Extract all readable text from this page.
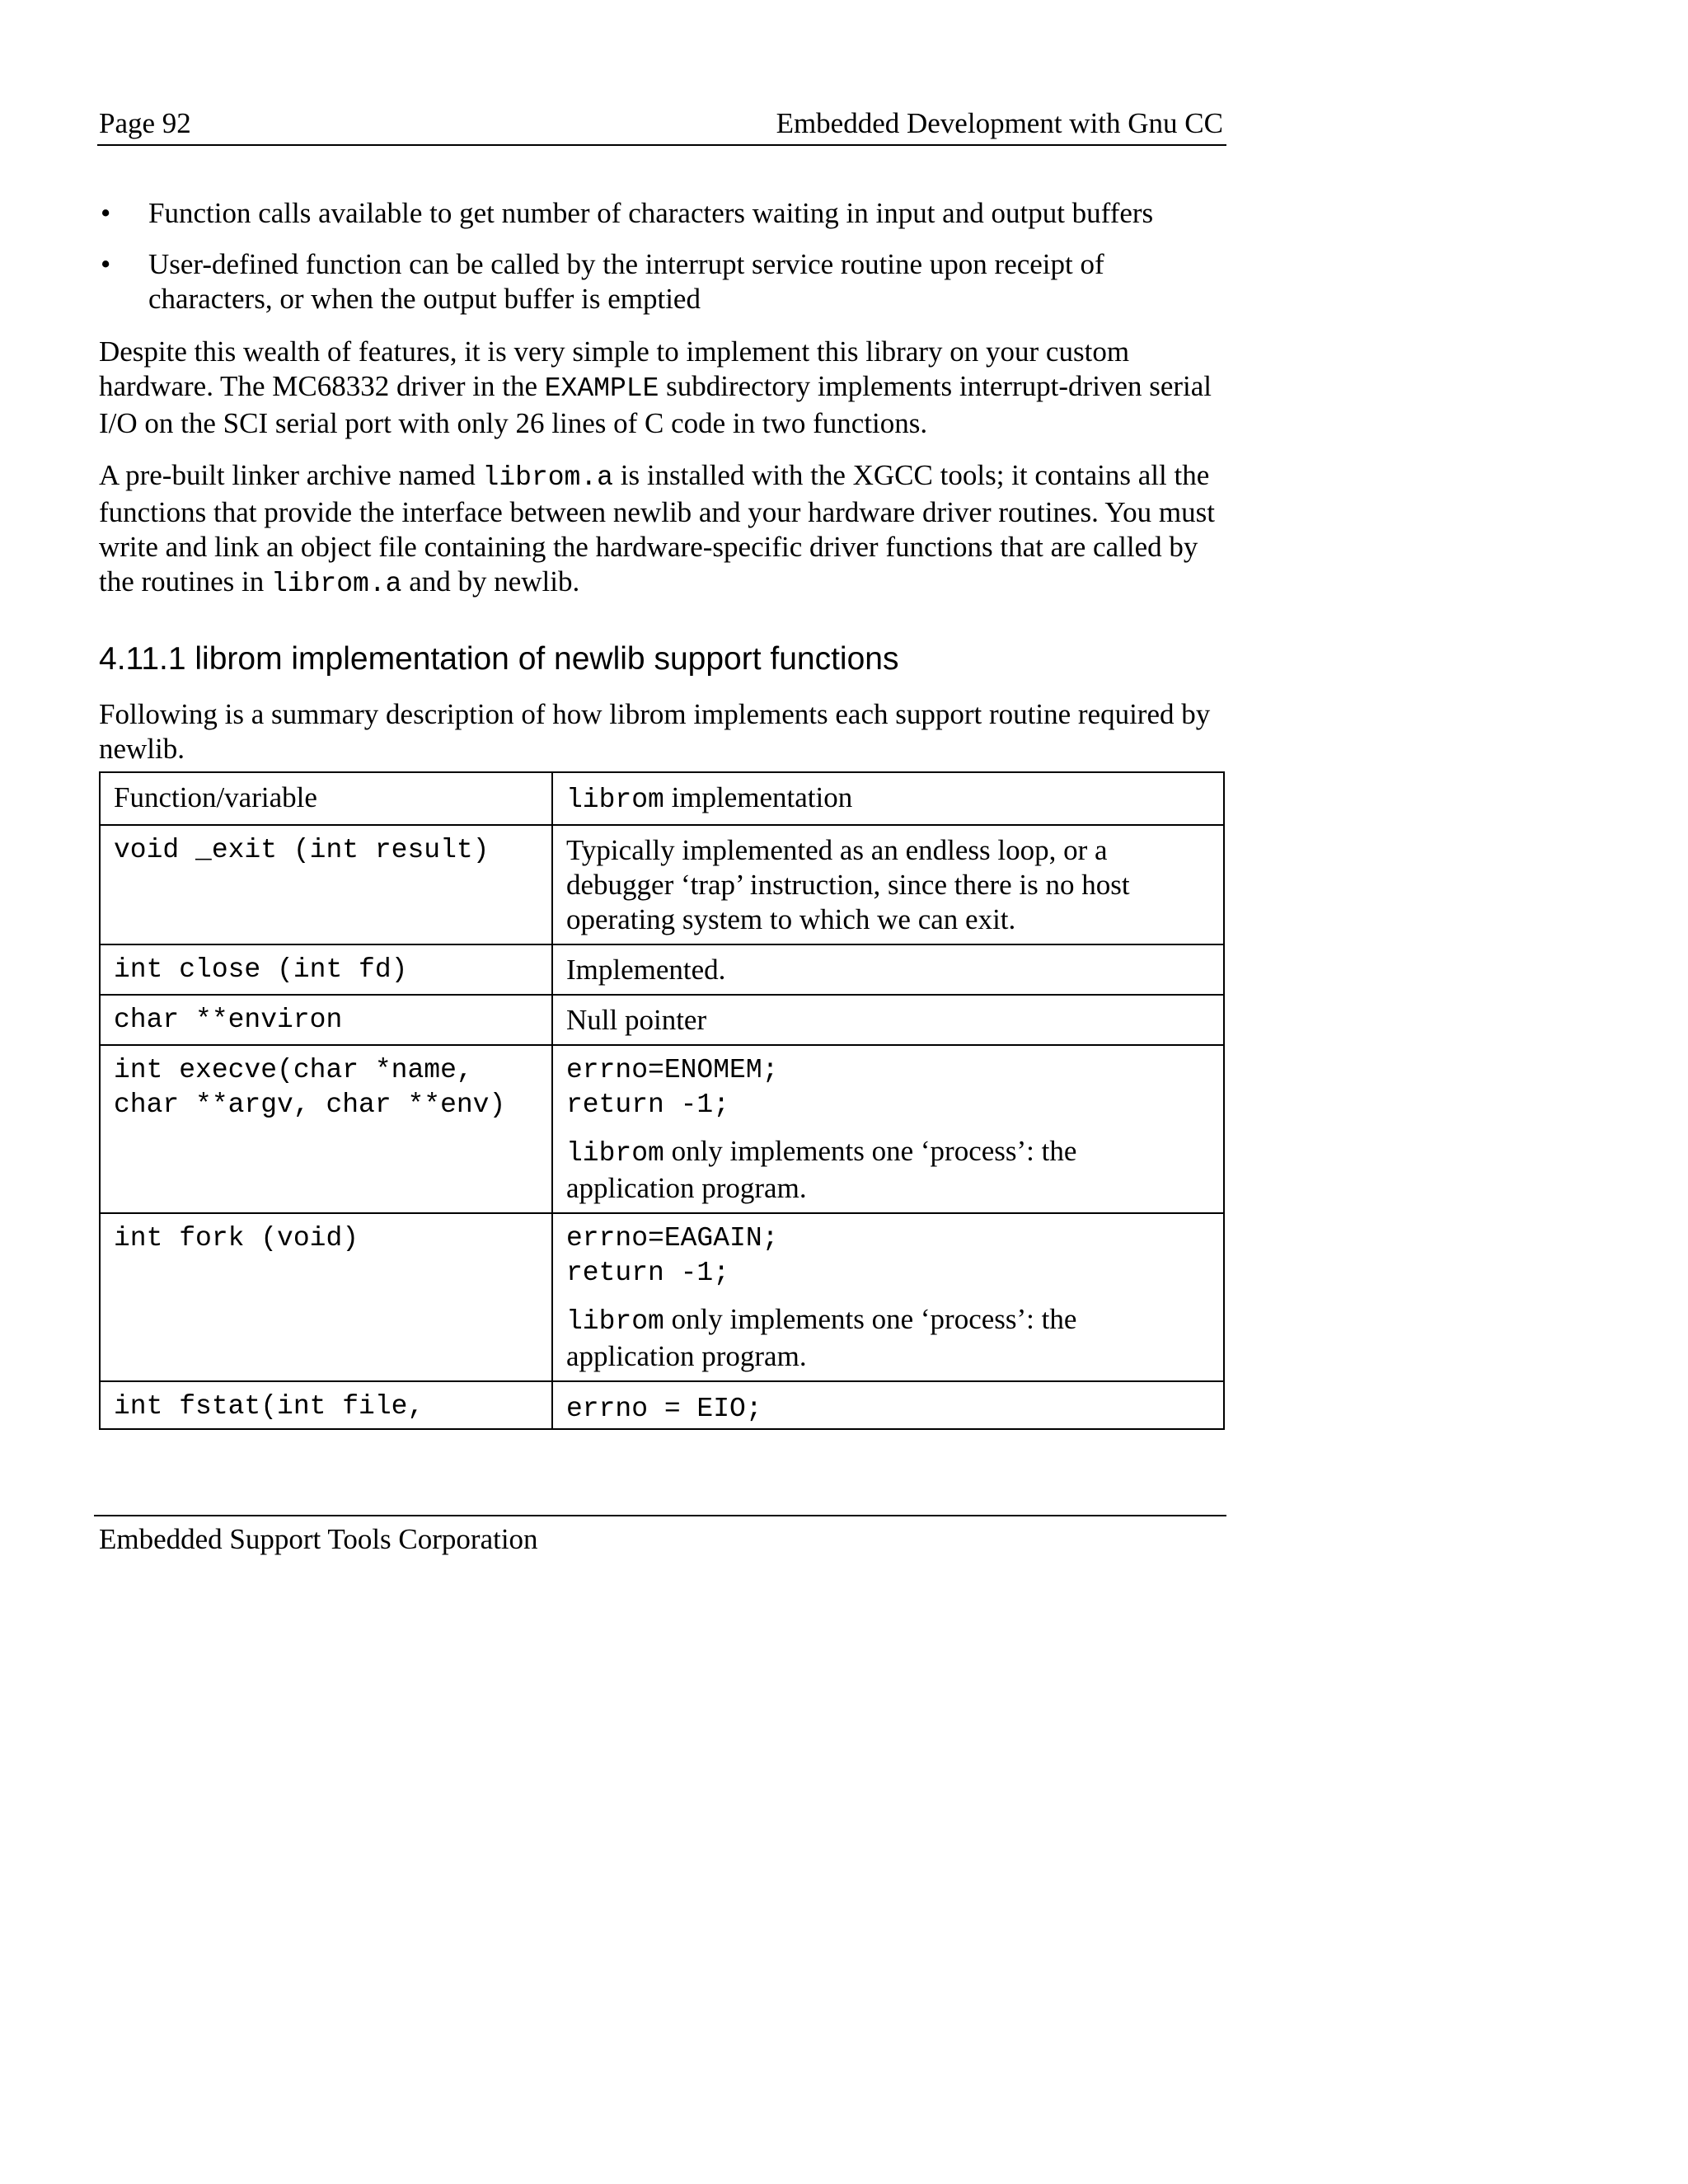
Page 92	Embedded Development with Gnu CC
• Function calls available to get number of characters waiting in input and output buffers
• User-defined function can be called by the interrupt service routine upon receipt of characters, or when the output buffer is emptied

Despite this wealth of features, it is very simple to implement this library on your custom hardware. The MC68332 driver in the EXAMPLE subdirectory implements interrupt-driven serial I/O on the SCI serial port with only 26 lines of C code in two functions.

A pre-built linker archive named librom.a is installed with the XGCC tools; it contains all the functions that provide the interface between newlib and your hardware driver routines. You must write and link an object file containing the hardware-specific driver functions that are called by the routines in librom.a and by newlib.

4.11.1 librom implementation of newlib support functions

Following is a summary description of how librom implements each support routine required by newlib.

Function/variable	librom implementation
void _exit (int result)	Typically implemented as an endless loop, or a debugger ‘trap’ instruction, since there is no host operating system to which we can exit.
int close (int fd)	Implemented.
char **environ	Null pointer
int execve(char *name, char **argv, char **env)	errno=ENOMEM;
return -1;
librom only implements one ‘process’: the application program.

int fork (void)	errno=EAGAIN;
return -1;
librom only implements one ‘process’: the application program.

int fstat(int file,	errno = EIO;
Embedded Support Tools Corporation
